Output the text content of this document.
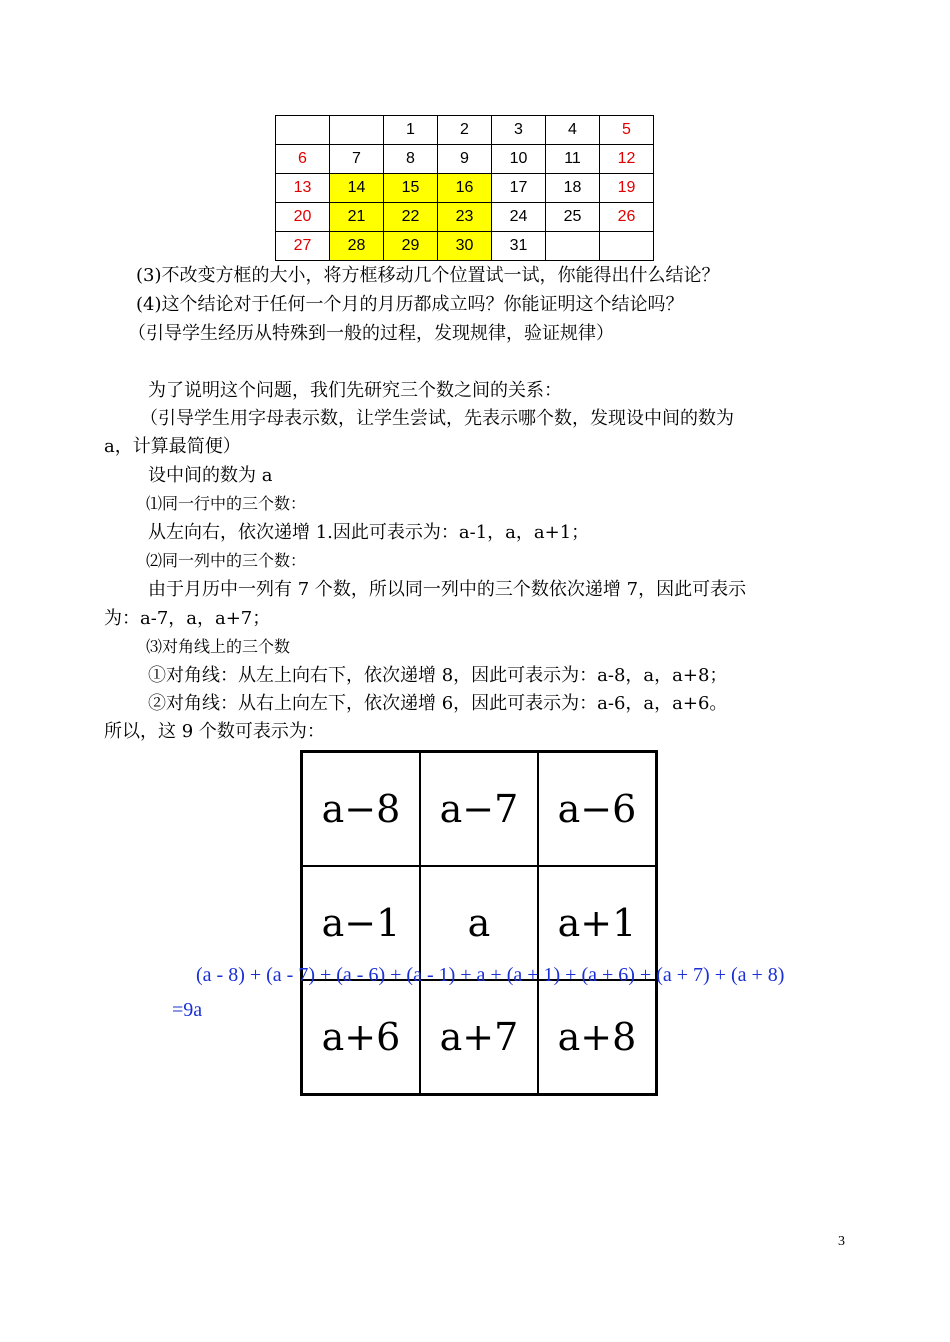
		1	2	3	4	5
6	7	8	9	10	11	12
13	14	15	16	17	18	19
20	21	22	23	24	25	26
27	28	29	30	31		
(3)不改变方框的大小，将方框移动几个位置试一试，你能得出什么结论？
(4)这个结论对于任何一个月的月历都成立吗？你能证明这个结论吗？
（引导学生经历从特殊到一般的过程，发现规律，验证规律）
为了说明这个问题，我们先研究三个数之间的关系：
（引导学生用字母表示数，让学生尝试，先表示哪个数，发现设中间的数为
a，计算最简便）
设中间的数为 a
⑴同一行中的三个数：
从左向右，依次递增 1.因此可表示为：a-1，a，a+1；
⑵同一列中的三个数：
由于月历中一列有 7 个数，所以同一列中的三个数依次递增 7，因此可表示
为：a-7，a，a+7；
⑶对角线上的三个数
①对角线：从左上向右下，依次递增 8，因此可表示为：a-8，a，a+8；
②对角线：从右上向左下，依次递增 6，因此可表示为：a-6，a，a+6。
所以，这 9 个数可表示为：
a−8	a−7	a−6
a−1	a	a+1
a+6	a+7	a+8
(a - 8) + (a - 7) + (a - 6) + (a - 1) + a + (a + 1) + (a + 6) + (a + 7) + (a + 8)
=9a
3
